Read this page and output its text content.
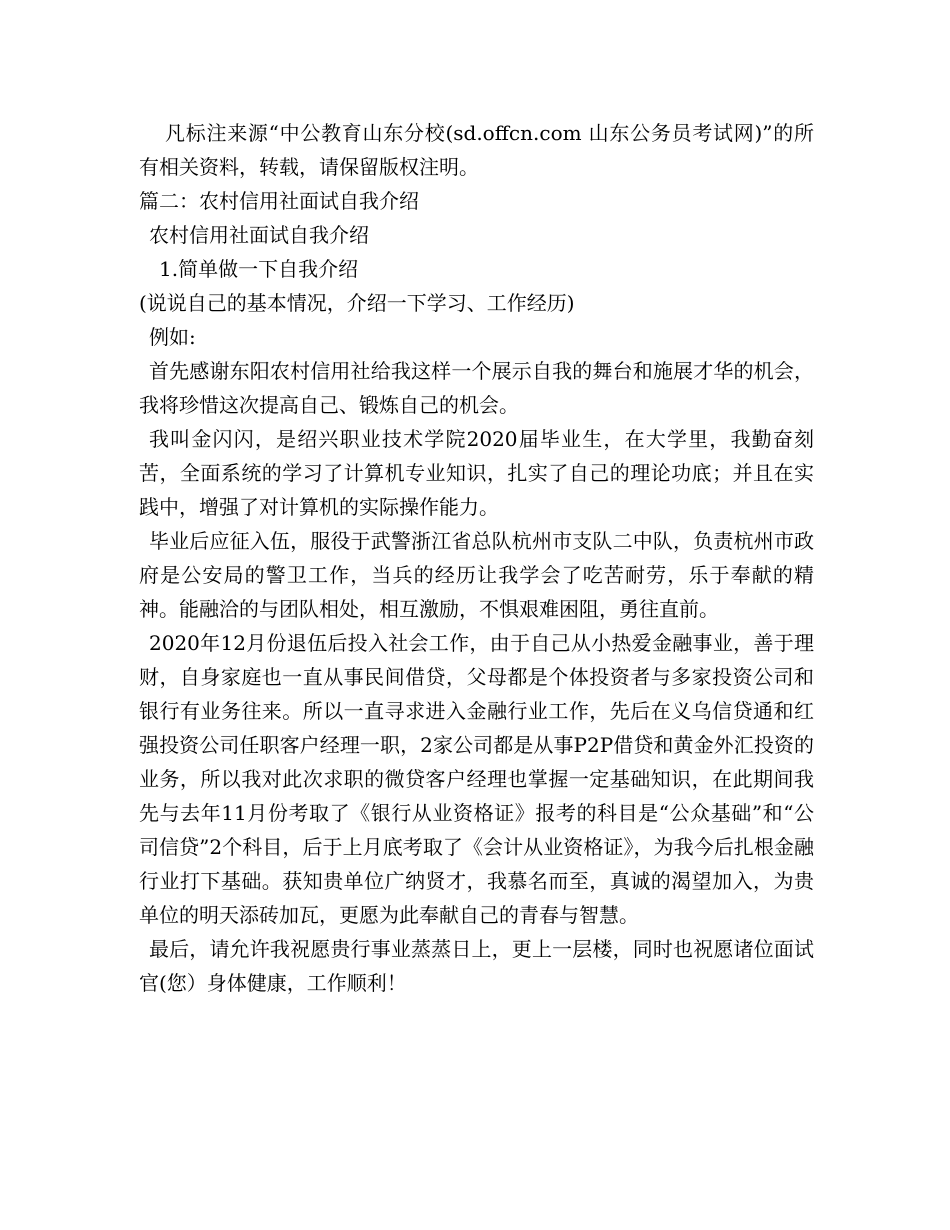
凡标注来源“中公教育山东分校(sd.offcn.com 山东公务员考试网)”的所有相关资料，转载，请保留版权注明。

篇二：农村信用社面试自我介绍

农村信用社面试自我介绍

1.简单做一下自我介绍

(说说自己的基本情况，介绍一下学习、工作经历)

例如:

首先感谢东阳农村信用社给我这样一个展示自我的舞台和施展才华的机会，我将珍惜这次提高自己、锻炼自己的机会。

我叫金闪闪，是绍兴职业技术学院2020届毕业生，在大学里，我勤奋刻苦，全面系统的学习了计算机专业知识，扎实了自己的理论功底；并且在实践中，增强了对计算机的实际操作能力。

毕业后应征入伍，服役于武警浙江省总队杭州市支队二中队，负责杭州市政府是公安局的警卫工作，当兵的经历让我学会了吃苦耐劳，乐于奉献的精神。能融洽的与团队相处，相互激励，不惧艰难困阻，勇往直前。

2020年12月份退伍后投入社会工作，由于自己从小热爱金融事业，善于理财，自身家庭也一直从事民间借贷，父母都是个体投资者与多家投资公司和银行有业务往来。所以一直寻求进入金融行业工作，先后在义乌信贷通和红强投资公司任职客户经理一职，2家公司都是从事P2P借贷和黄金外汇投资的业务，所以我对此次求职的微贷客户经理也掌握一定基础知识，在此期间我先与去年11月份考取了《银行从业资格证》报考的科目是“公众基础”和“公司信贷”2个科目，后于上月底考取了《会计从业资格证》，为我今后扎根金融行业打下基础。获知贵单位广纳贤才，我慕名而至，真诚的渴望加入，为贵单位的明天添砖加瓦，更愿为此奉献自己的青春与智慧。

最后，请允许我祝愿贵行事业蒸蒸日上，更上一层楼，同时也祝愿诸位面试官(您）身体健康，工作顺利！
